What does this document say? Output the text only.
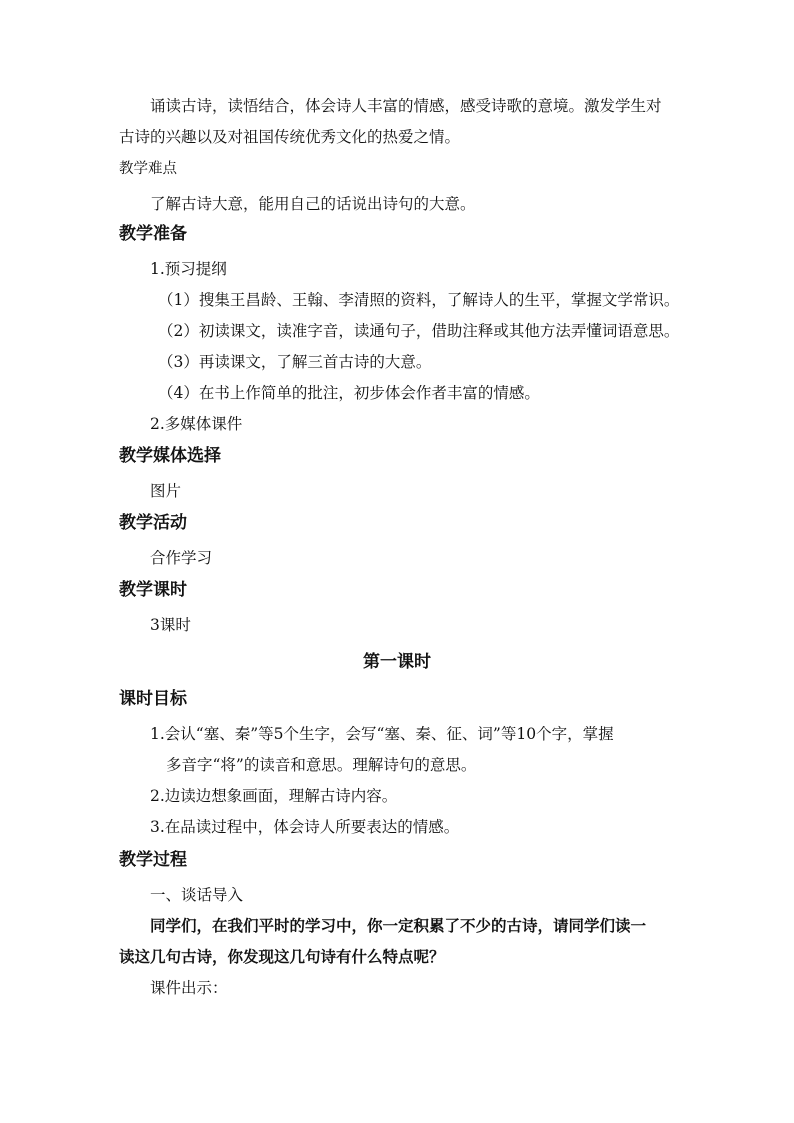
诵读古诗，读悟结合，体会诗人丰富的情感，感受诗歌的意境。激发学生对
古诗的兴趣以及对祖国传统优秀文化的热爱之情。
教学难点
了解古诗大意，能用自己的话说出诗句的大意。
教学准备
1.预习提纲
（1）搜集王昌龄、王翰、李清照的资料，了解诗人的生平，掌握文学常识。
（2）初读课文，读准字音，读通句子，借助注释或其他方法弄懂词语意思。
（3）再读课文，了解三首古诗的大意。
（4）在书上作简单的批注，初步体会作者丰富的情感。
2.多媒体课件
教学媒体选择
图片
教学活动
合作学习
教学课时
3课时
第一课时
课时目标
1.会认“塞、秦”等5个生字，会写“塞、秦、征、词”等10个字，掌握
多音字“将”的读音和意思。理解诗句的意思。
2.边读边想象画面，理解古诗内容。
3.在品读过程中，体会诗人所要表达的情感。
教学过程
一、谈话导入
同学们，在我们平时的学习中，你一定积累了不少的古诗，请同学们读一
读这几句古诗，你发现这几句诗有什么特点呢？
课件出示：
